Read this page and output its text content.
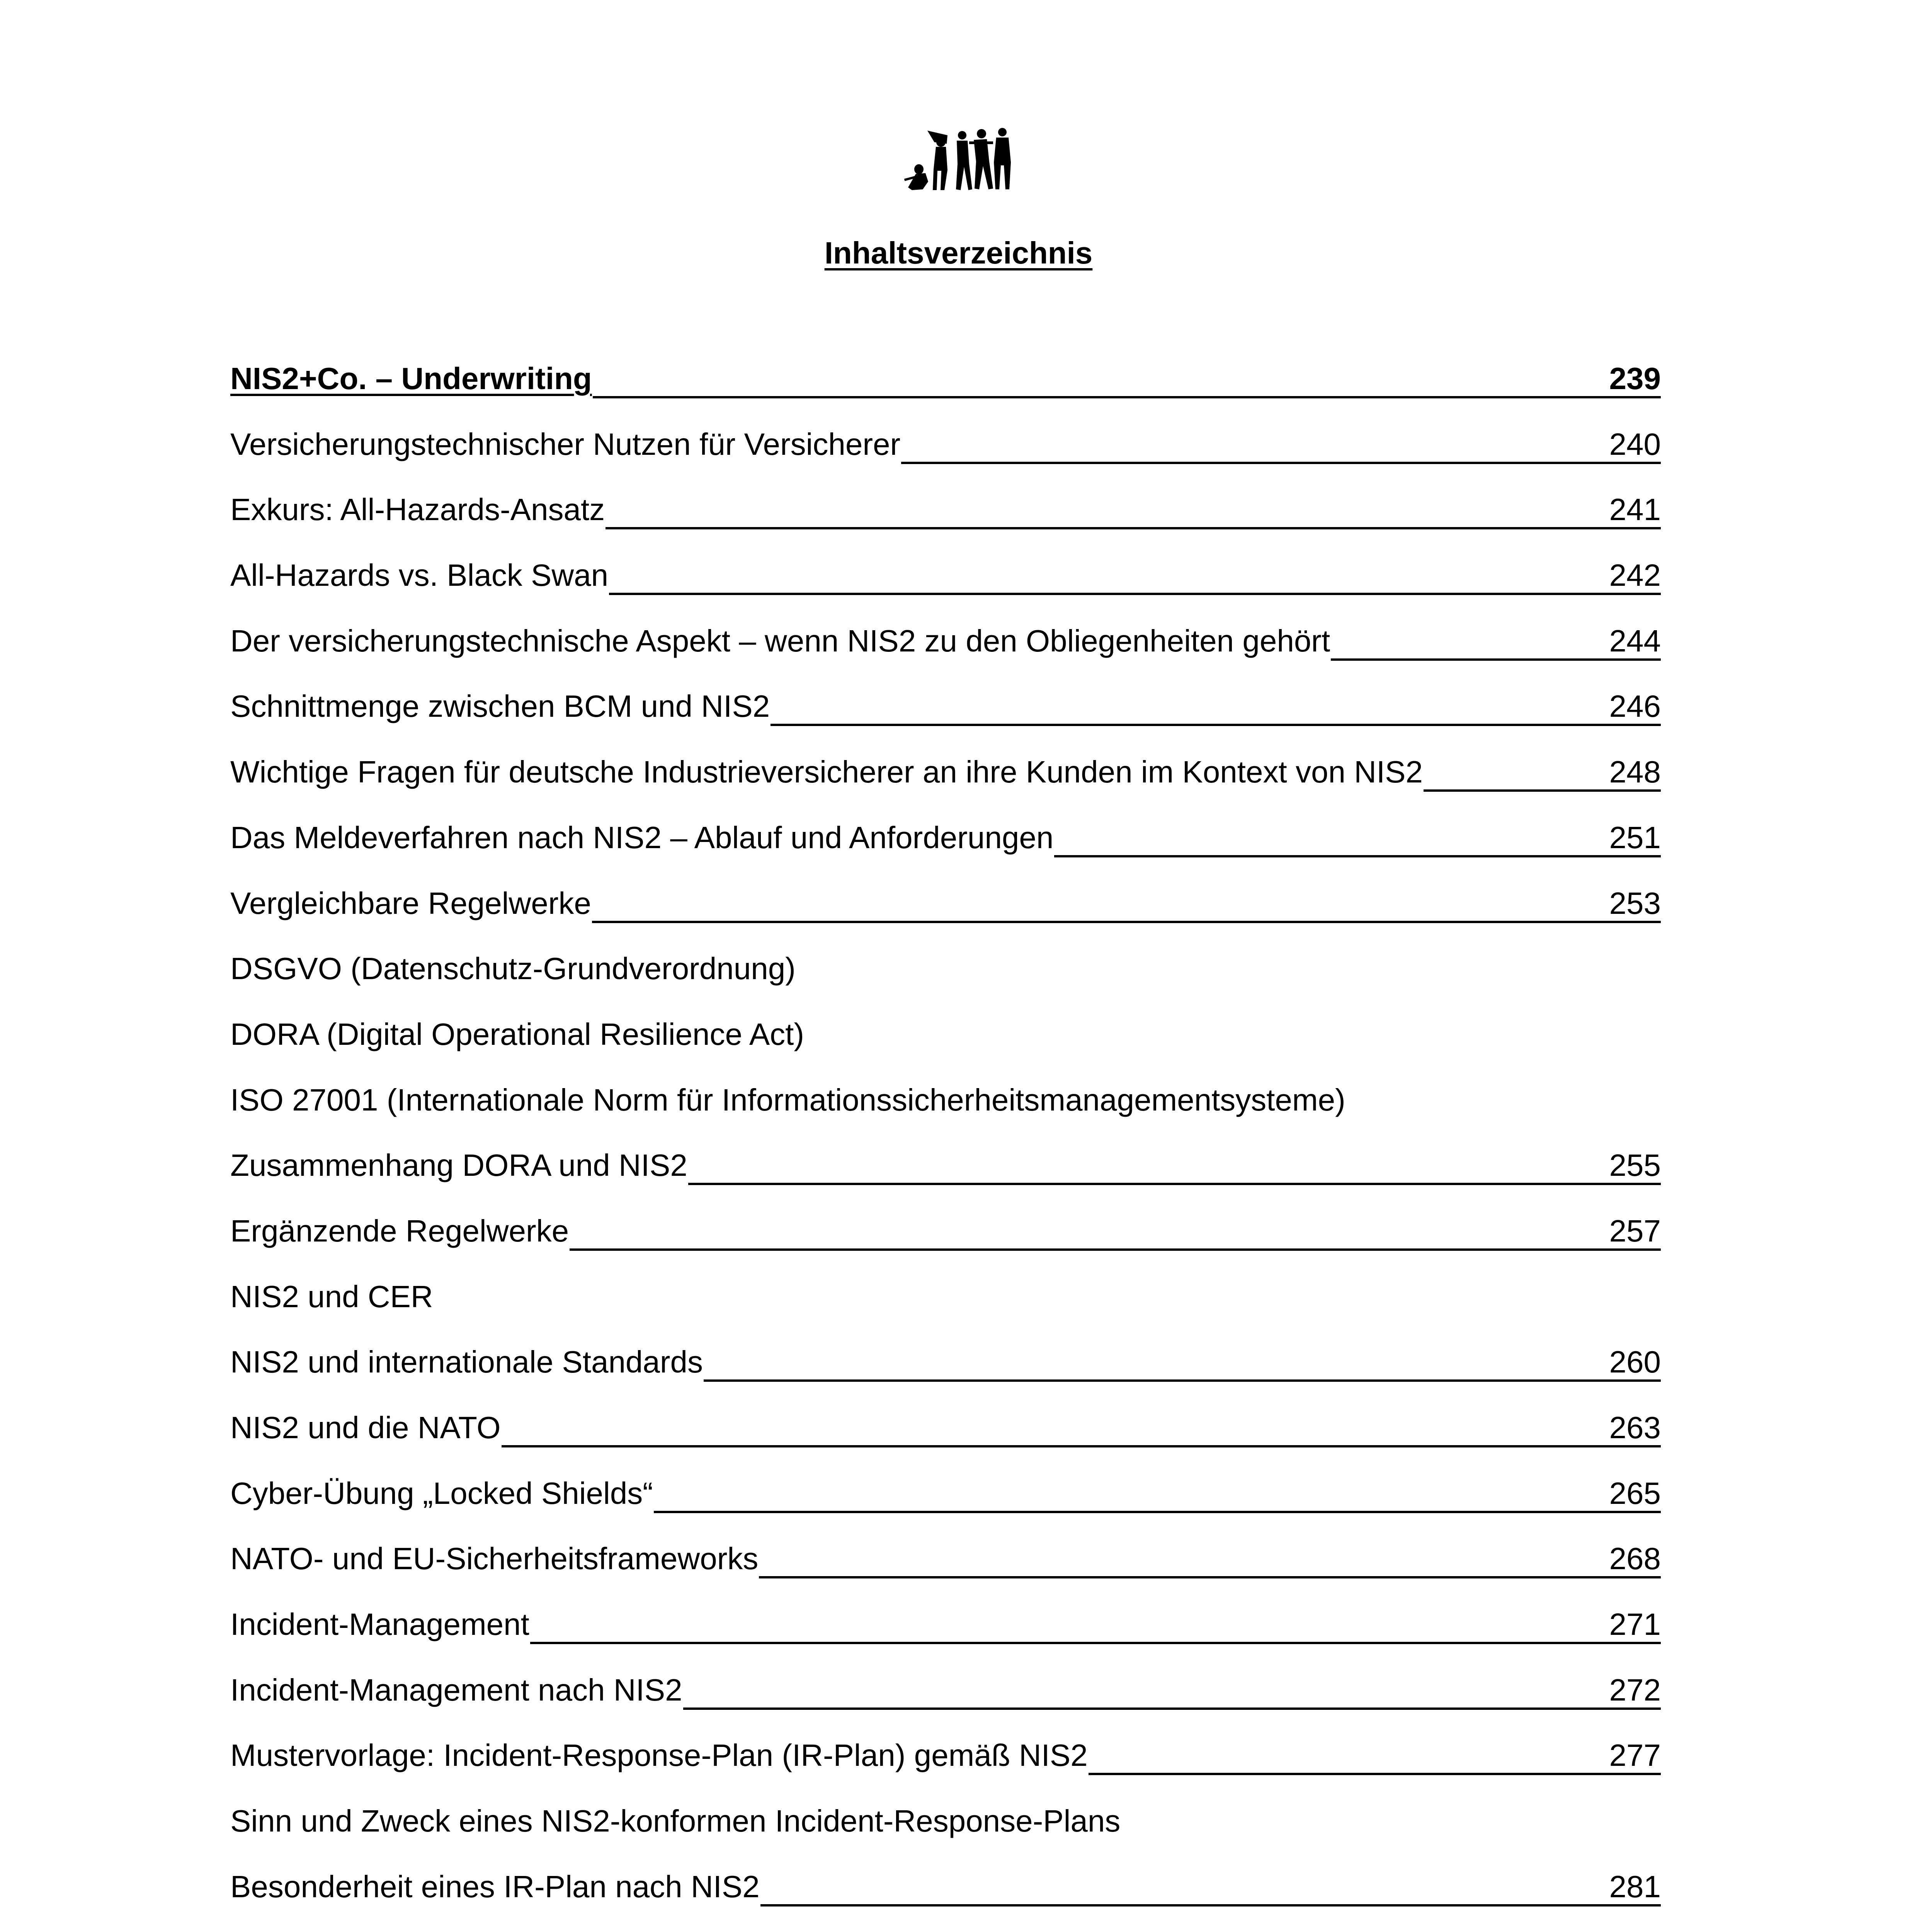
Inhaltsverzeichnis
NIS2+Co. – Underwriting	239
Versicherungstechnischer Nutzen für Versicherer	240
Exkurs: All-Hazards-Ansatz	241
All-Hazards vs. Black Swan	242
Der versicherungstechnische Aspekt – wenn NIS2 zu den Obliegenheiten gehört	244
Schnittmenge zwischen BCM und NIS2	246
Wichtige Fragen für deutsche Industrieversicherer an ihre Kunden im Kontext von NIS2	248
Das Meldeverfahren nach NIS2 – Ablauf und Anforderungen	251
Vergleichbare Regelwerke	253
DSGVO (Datenschutz-Grundverordnung)
DORA (Digital Operational Resilience Act)
ISO 27001 (Internationale Norm für Informationssicherheitsmanagementsysteme)
Zusammenhang DORA und NIS2	255
Ergänzende Regelwerke	257
NIS2 und CER
NIS2 und internationale Standards	260
NIS2 und die NATO	263
Cyber-Übung „Locked Shields“	265
NATO- und EU-Sicherheitsframeworks	268
Incident-Management	271
Incident-Management nach NIS2	272
Mustervorlage: Incident-Response-Plan (IR-Plan) gemäß NIS2	277
Sinn und Zweck eines NIS2-konformen Incident-Response-Plans
Besonderheit eines IR-Plan nach NIS2	281
